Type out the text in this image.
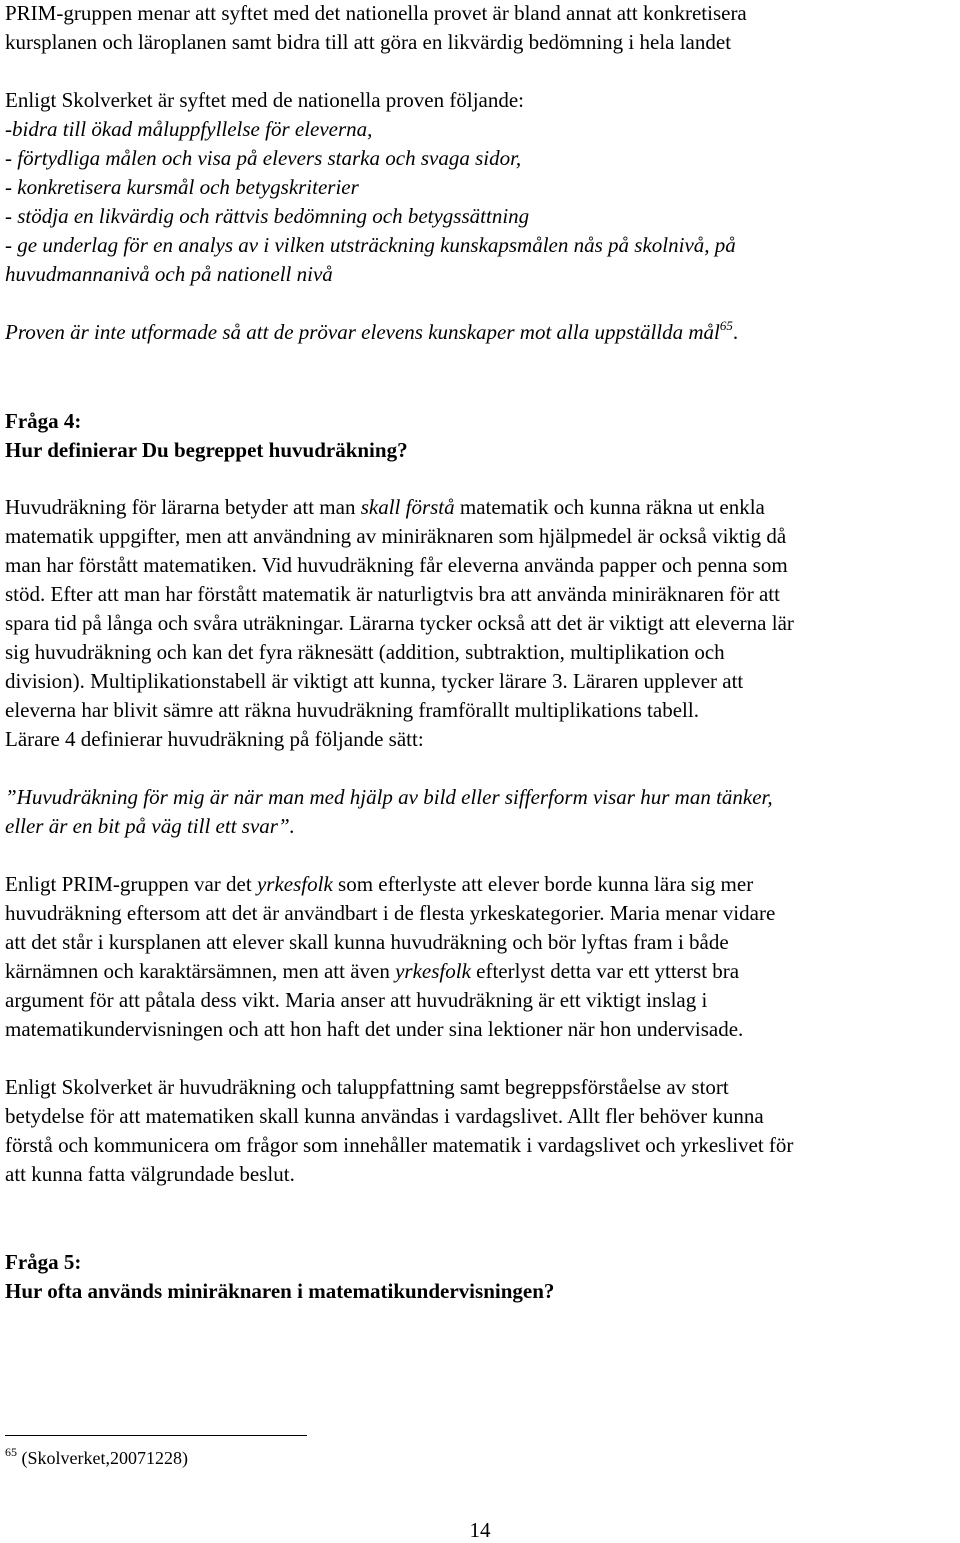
PRIM-gruppen menar att syftet med det nationella provet är bland annat att konkretisera
kursplanen och läroplanen samt bidra till att göra en likvärdig bedömning i hela landet
Enligt Skolverket är syftet med de nationella proven följande:
-bidra till ökad måluppfyllelse för eleverna,
- förtydliga målen och visa på elevers starka och svaga sidor,
- konkretisera kursmål och betygskriterier
- stödja en likvärdig och rättvis bedömning och betygssättning
- ge underlag för en analys av i vilken utsträckning kunskapsmålen nås på skolnivå, på
huvudmannanivå och på nationell nivå
Proven är inte utformade så att de prövar elevens kunskaper mot alla uppställda mål$^{65}$.
Fråga 4:
Hur definierar Du begreppet huvudräkning?
Huvudräkning för lärarna betyder att man skall förstå matematik och kunna räkna ut enkla
matematik uppgifter, men att användning av miniräknaren som hjälpmedel är också viktig då
man har förstått matematiken. Vid huvudräkning får eleverna använda papper och penna som
stöd. Efter att man har förstått matematik är naturligtvis bra att använda miniräknaren för att
spara tid på långa och svåra uträkningar. Lärarna tycker också att det är viktigt att eleverna lär
sig huvudräkning och kan det fyra räknesätt (addition, subtraktion, multiplikation och
division). Multiplikationstabell är viktigt att kunna, tycker lärare 3. Läraren upplever att
eleverna har blivit sämre att räkna huvudräkning framförallt multiplikations tabell.
Lärare 4 definierar huvudräkning på följande sätt:
”Huvudräkning för mig är när man med hjälp av bild eller sifferform visar hur man tänker,
eller är en bit på väg till ett svar”.
Enligt PRIM-gruppen var det yrkesfolk som efterlyste att elever borde kunna lära sig mer
huvudräkning eftersom att det är användbart i de flesta yrkeskategorier. Maria menar vidare
att det står i kursplanen att elever skall kunna huvudräkning och bör lyftas fram i både
kärnämnen och karaktärsämnen, men att även yrkesfolk efterlyst detta var ett ytterst bra
argument för att påtala dess vikt. Maria anser att huvudräkning är ett viktigt inslag i
matematikundervisningen och att hon haft det under sina lektioner när hon undervisade.
Enligt Skolverket är huvudräkning och taluppfattning samt begreppsförståelse av stort
betydelse för att matematiken skall kunna användas i vardagslivet. Allt fler behöver kunna
förstå och kommunicera om frågor som innehåller matematik i vardagslivet och yrkeslivet för
att kunna fatta välgrundade beslut.
Fråga 5:
Hur ofta används miniräknaren i matematikundervisningen?
$^{65}$ (Skolverket,20071228)
14
